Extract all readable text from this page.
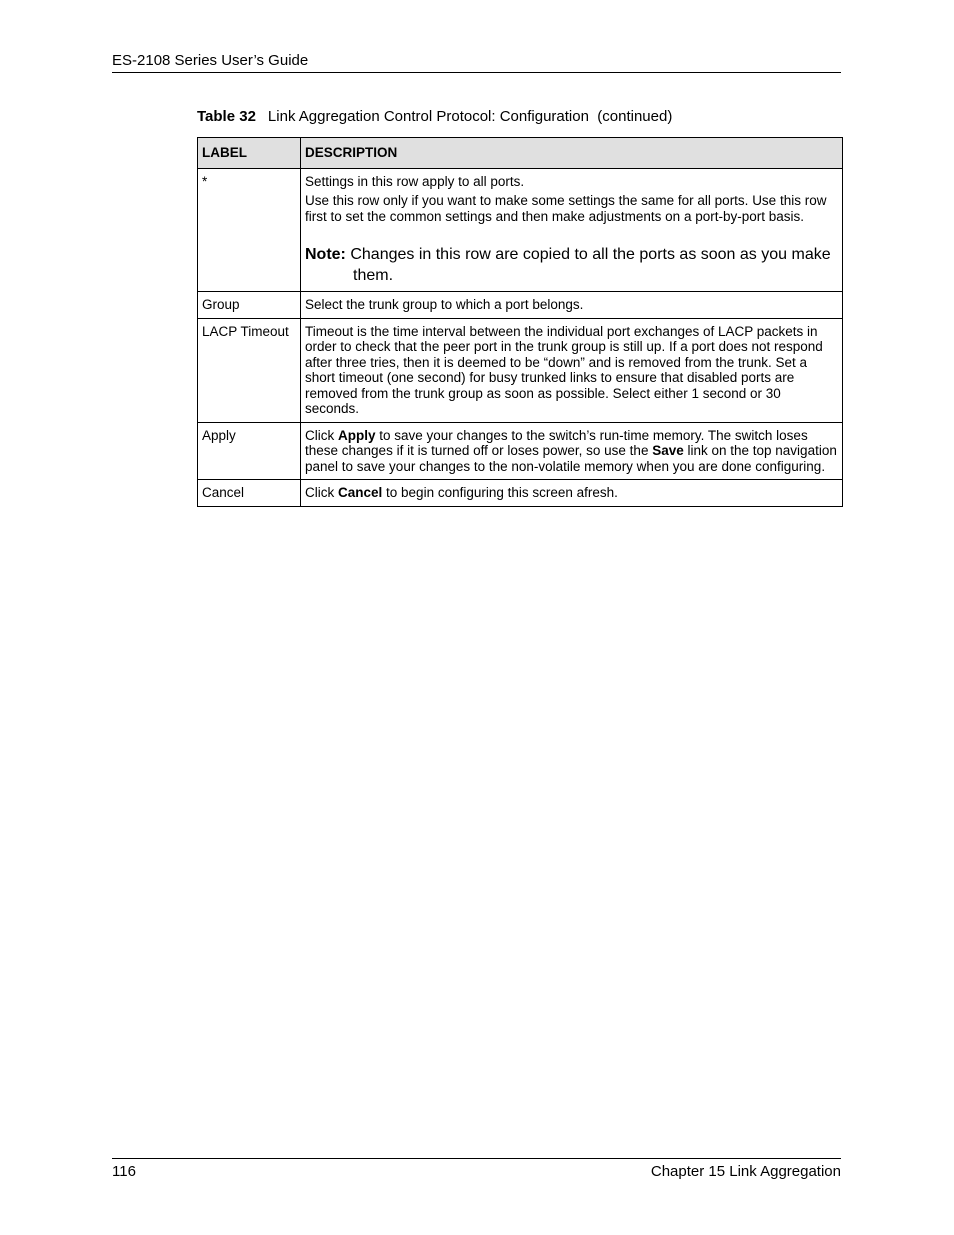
ES-2108 Series User’s Guide
Table 32 Link Aggregation Control Protocol: Configuration  (continued)
LABEL	DESCRIPTION
*	Settings in this row apply to all ports.

Use this row only if you want to make some settings the same for all ports. Use this row first to set the common settings and then make adjustments on a port-by-port basis.

Note: Changes in this row are copied to all the ports as soon as you make them.

Group	Select the trunk group to which a port belongs.
LACP Timeout	Timeout is the time interval between the individual port exchanges of LACP packets in order to check that the peer port in the trunk group is still up. If a port does not respond after three tries, then it is deemed to be “down” and is removed from the trunk. Set a short timeout (one second) for busy trunked links to ensure that disabled ports are removed from the trunk group as soon as possible. Select either 1 second or 30 seconds.
Apply	Click Apply to save your changes to the switch’s run-time memory. The switch loses these changes if it is turned off or loses power, so use the Save link on the top navigation panel to save your changes to the non-volatile memory when you are done configuring.
Cancel	Click Cancel to begin configuring this screen afresh.
116	Chapter 15 Link Aggregation
